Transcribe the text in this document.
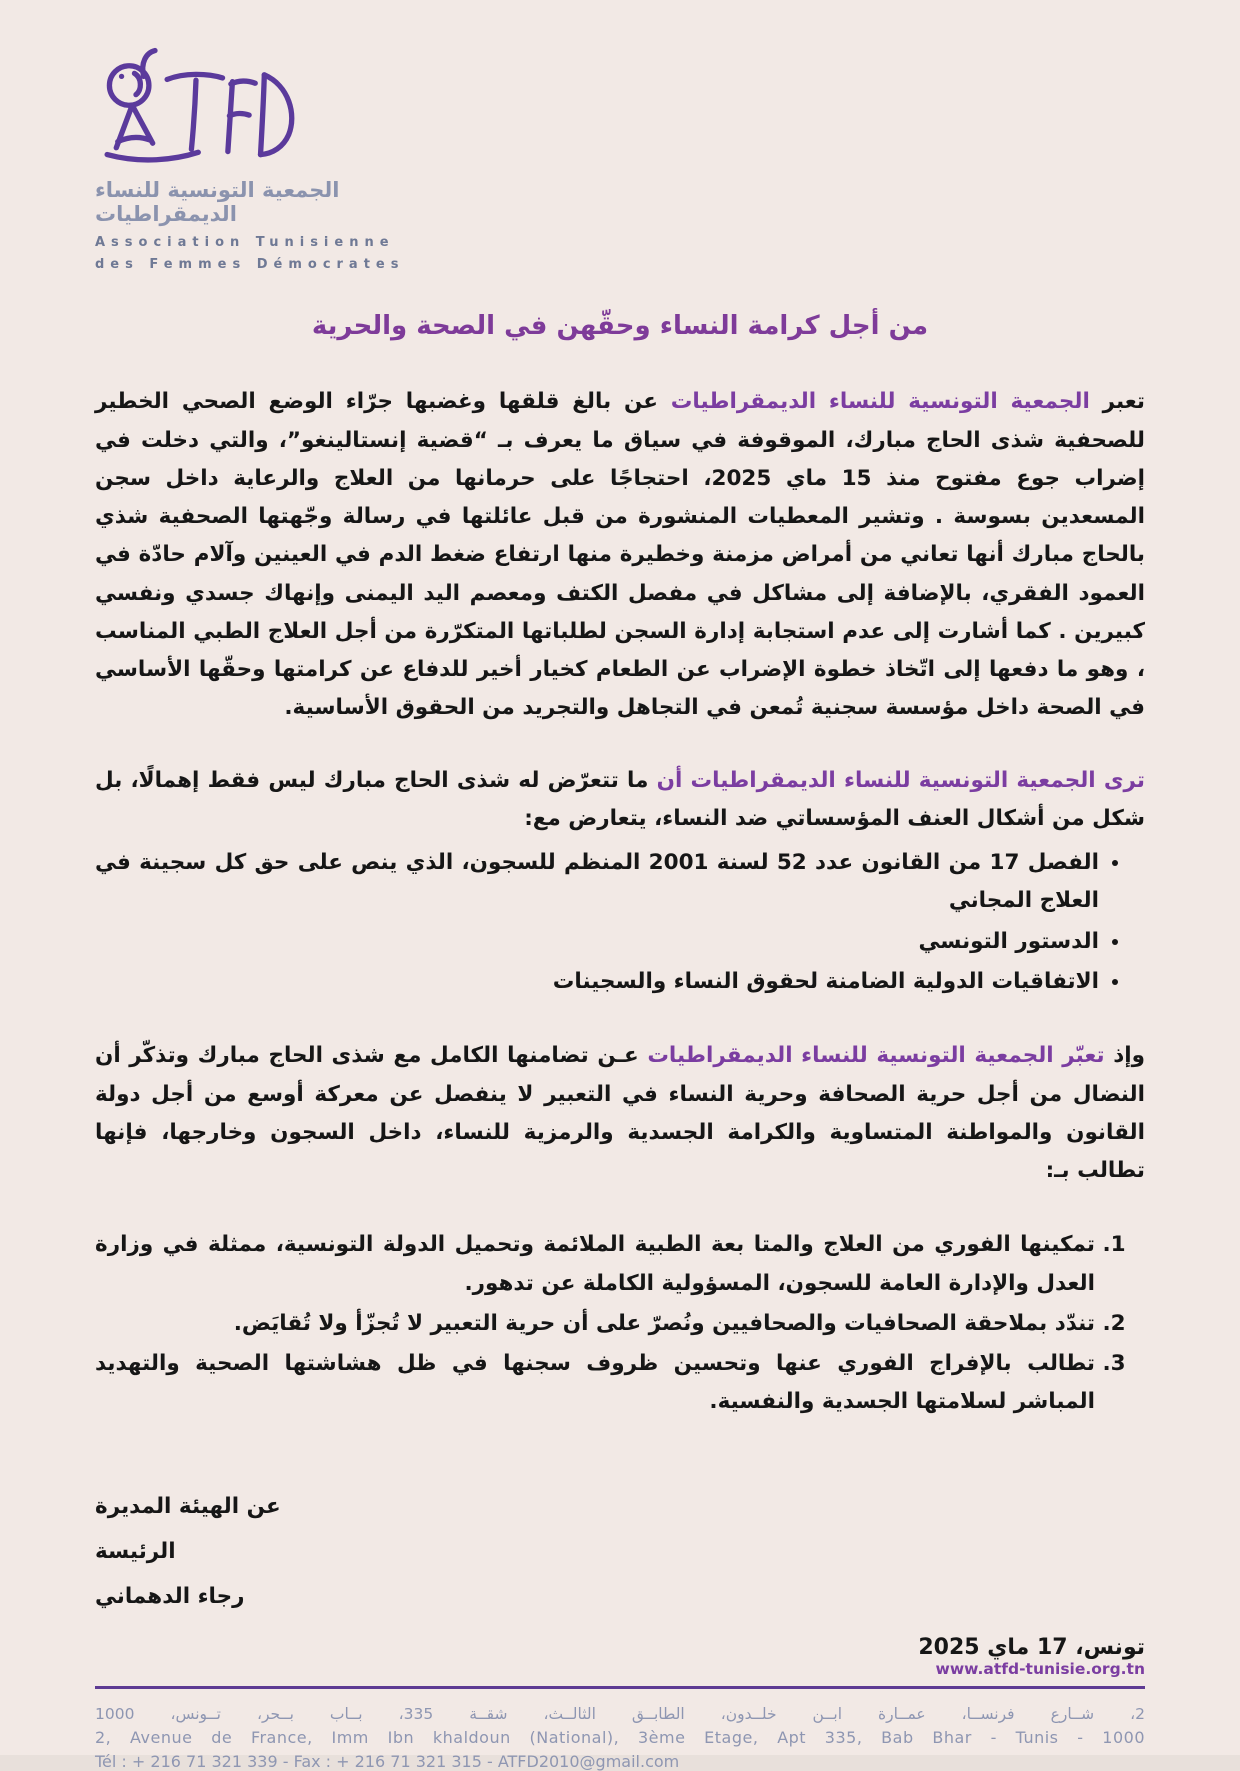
الجمعية التونسية للنساء الديمقراطيات
Association Tunisienne
des Femmes Démocrates
من أجل كرامة النساء وحقّهن في الصحة والحرية

تعبر الجمعية التونسية للنساء الديمقراطيات عن بالغ قلقها وغضبها جرّاء الوضع الصحي الخطير للصحفية شذى الحاج مبارك، الموقوفة في سياق ما يعرف بـ “قضية إنستالينغو”، والتي دخلت في إضراب جوع مفتوح منذ 15 ماي 2025، احتجاجًا على حرمانها من العلاج والرعاية داخل سجن المسعدين بسوسة . وتشير المعطيات المنشورة من قبل عائلتها في رسالة وجّهتها الصحفية شذي بالحاج مبارك أنها تعاني من أمراض مزمنة وخطيرة منها ارتفاع ضغط الدم في العينين وآلام حادّة في العمود الفقري، بالإضافة إلى مشاكل في مفصل الكتف ومعصم اليد اليمنى وإنهاك جسدي ونفسي كبيرين . كما أشارت إلى عدم استجابة إدارة السجن لطلباتها المتكرّرة من أجل العلاج الطبي المناسب ، وهو ما دفعها إلى اتّخاذ خطوة الإضراب عن الطعام كخيار أخير للدفاع عن كرامتها وحقّها الأساسي في الصحة داخل مؤسسة سجنية تُمعن في التجاهل والتجريد من الحقوق الأساسية.

ترى الجمعية التونسية للنساء الديمقراطيات أن ما تتعرّض له شذى الحاج مبارك ليس فقط إهمالًا، بل شكل من أشكال العنف المؤسساتي ضد النساء، يتعارض مع:

• الفصل 17 من القانون عدد 52 لسنة 2001 المنظم للسجون، الذي ينص على حق كل سجينة في العلاج المجاني
• الدستور التونسي
• الاتفاقيات الدولية الضامنة لحقوق النساء والسجينات

وإذ تعبّر الجمعية التونسية للنساء الديمقراطيات عـن تضامنها الكامل مع شذى الحاج مبارك وتذكّر أن النضال من أجل حرية الصحافة وحرية النساء في التعبير لا ينفصل عن معركة أوسع من أجل دولة القانون والمواطنة المتساوية والكرامة الجسدية والرمزية للنساء، داخل السجون وخارجها، فإنها تطالب بـ:

1. تمكينها الفوري من العلاج والمتا بعة الطبية الملائمة وتحميل الدولة التونسية، ممثلة في وزارة العدل والإدارة العامة للسجون، المسؤولية الكاملة عن تدهور.
2. تندّد بملاحقة الصحافيات والصحافيين ونُصرّ على أن حرية التعبير لا تُجزّأ ولا تُقايَض.
3. تطالب بالإفراج الفوري عنها وتحسين ظروف سجنها في ظل هشاشتها الصحية والتهديد المباشر لسلامتها الجسدية والنفسية.
عن الهيئة المديرة
الرئيسة
رجاء الدهماني
تونس، 17 ماي 2025
www.atfd-tunisie.org.tn
2، شــارع فرنســا، عمــارة ابــن خلــدون، الطابــق الثالــث، شقــة 335، بــاب بــحر، تــونس، 1000
2, Avenue de France, Imm Ibn khaldoun (National), 3ème Etage, Apt 335, Bab Bhar - Tunis - 1000
Tél : + 216 71 321 339 - Fax : + 216 71 321 315 - ATFD2010@gmail.com
